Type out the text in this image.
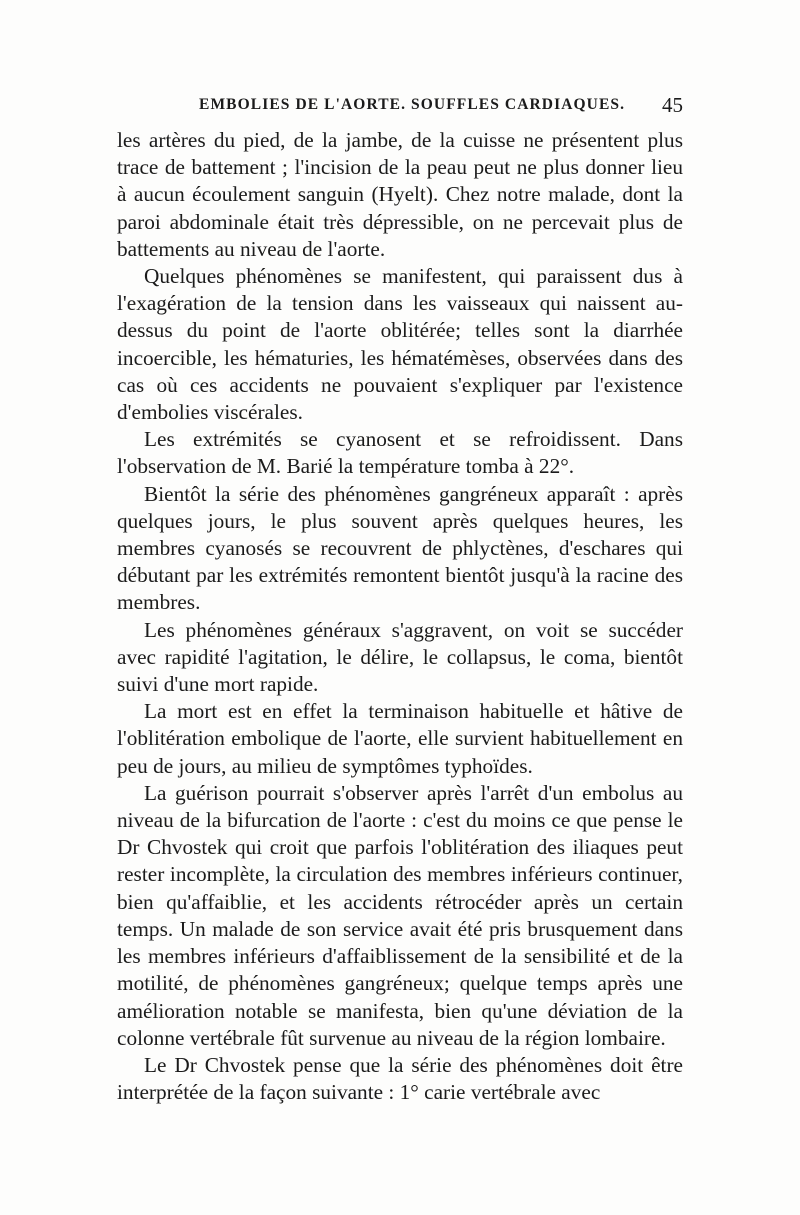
EMBOLIES DE L'AORTE. SOUFFLES CARDIAQUES. 45

les artères du pied, de la jambe, de la cuisse ne présentent plus trace de battement ; l'incision de la peau peut ne plus donner lieu à aucun écoulement sanguin (Hyelt). Chez notre malade, dont la paroi abdominale était très dépressible, on ne percevait plus de battements au niveau de l'aorte.

Quelques phénomènes se manifestent, qui paraissent dus à l'exagération de la tension dans les vaisseaux qui naissent au-dessus du point de l'aorte oblitérée; telles sont la diarrhée incoercible, les hématuries, les hématémèses, observées dans des cas où ces accidents ne pouvaient s'expliquer par l'existence d'embolies viscérales.

Les extrémités se cyanosent et se refroidissent. Dans l'observation de M. Barié la température tomba à 22°.

Bientôt la série des phénomènes gangréneux apparaît : après quelques jours, le plus souvent après quelques heures, les membres cyanosés se recouvrent de phlyctènes, d'eschares qui débutant par les extrémités remontent bientôt jusqu'à la racine des membres.

Les phénomènes généraux s'aggravent, on voit se succéder avec rapidité l'agitation, le délire, le collapsus, le coma, bientôt suivi d'une mort rapide.

La mort est en effet la terminaison habituelle et hâtive de l'oblitération embolique de l'aorte, elle survient habituellement en peu de jours, au milieu de symptômes typhoïdes.

La guérison pourrait s'observer après l'arrêt d'un embolus au niveau de la bifurcation de l'aorte : c'est du moins ce que pense le Dr Chvostek qui croit que parfois l'oblitération des iliaques peut rester incomplète, la circulation des membres inférieurs continuer, bien qu'affaiblie, et les accidents rétrocéder après un certain temps. Un malade de son service avait été pris brusquement dans les membres inférieurs d'affaiblissement de la sensibilité et de la motilité, de phénomènes gangréneux; quelque temps après une amélioration notable se manifesta, bien qu'une déviation de la colonne vertébrale fût survenue au niveau de la région lombaire.

Le Dr Chvostek pense que la série des phénomènes doit être interprétée de la façon suivante : 1° carie vertébrale avec
